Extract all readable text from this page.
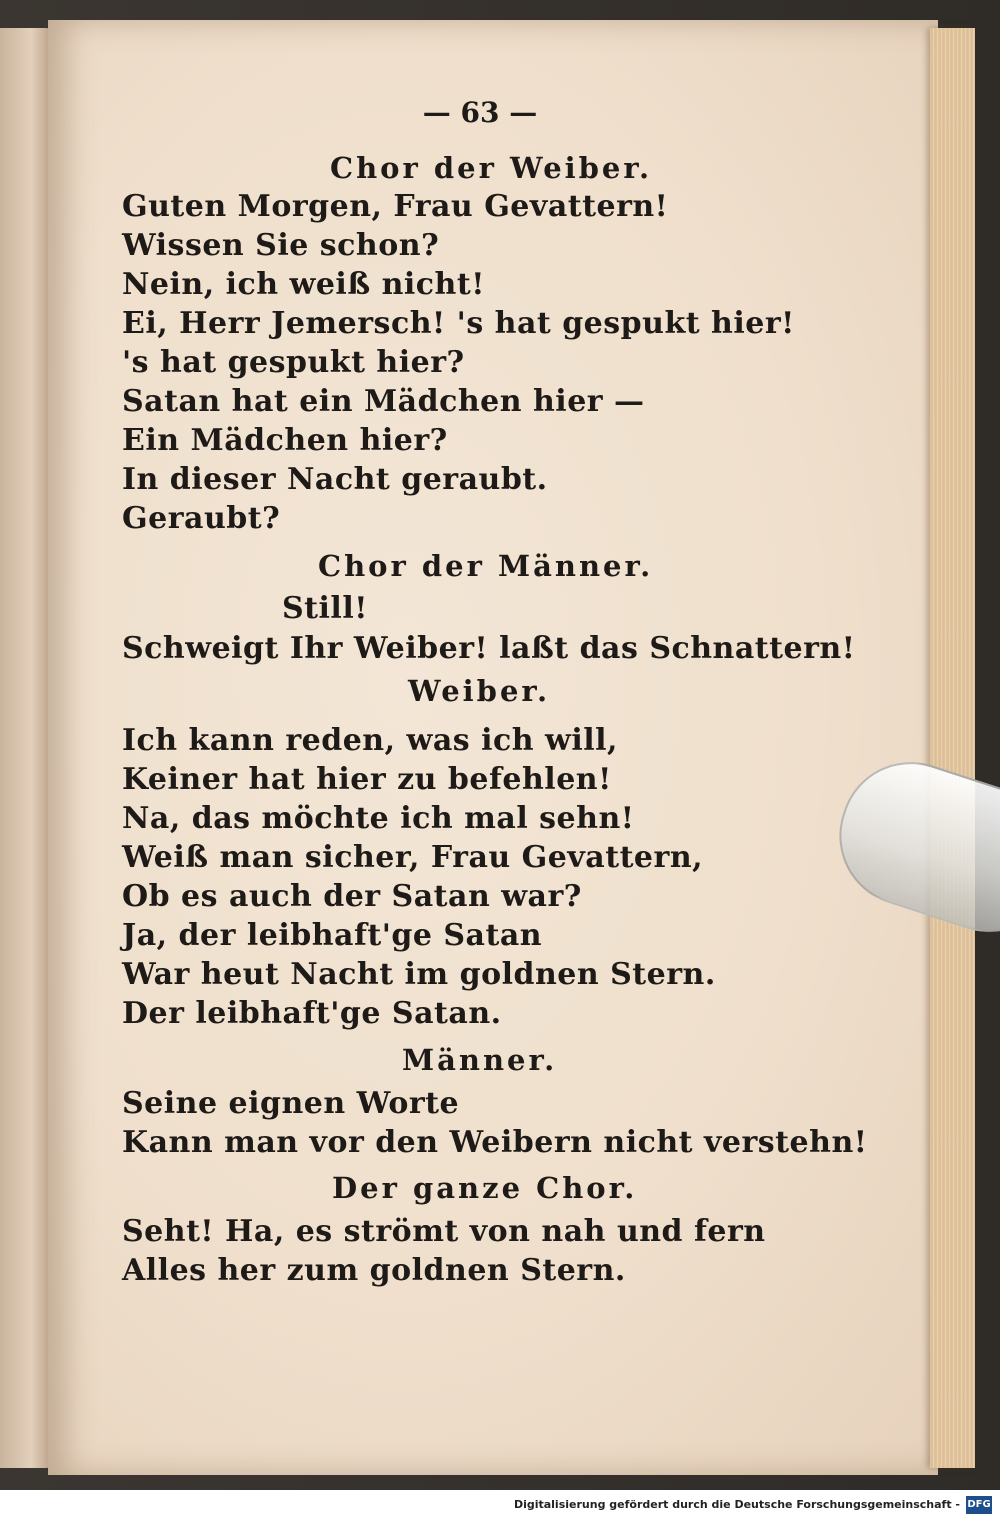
— 63 —
Chor der Weiber.
Guten Morgen, Frau Gevattern!
Wissen Sie schon?
Nein, ich weiß nicht!
Ei, Herr Jemersch! 's hat gespukt hier!
's hat gespukt hier?
Satan hat ein Mädchen hier —
Ein Mädchen hier?
In dieser Nacht geraubt.
Geraubt?
Chor der Männer.
Still!
Schweigt Ihr Weiber! laßt das Schnattern!
Weiber.
Ich kann reden, was ich will,
Keiner hat hier zu befehlen!
Na, das möchte ich mal sehn!
Weiß man sicher, Frau Gevattern,
Ob es auch der Satan war?
Ja, der leibhaft'ge Satan
War heut Nacht im goldnen Stern.
Der leibhaft'ge Satan.
Männer.
Seine eignen Worte
Kann man vor den Weibern nicht verstehn!
Der ganze Chor.
Seht! Ha, es strömt von nah und fern
Alles her zum goldnen Stern.
Digitalisierung gefördert durch die Deutsche Forschungsgemeinschaft - DFG
